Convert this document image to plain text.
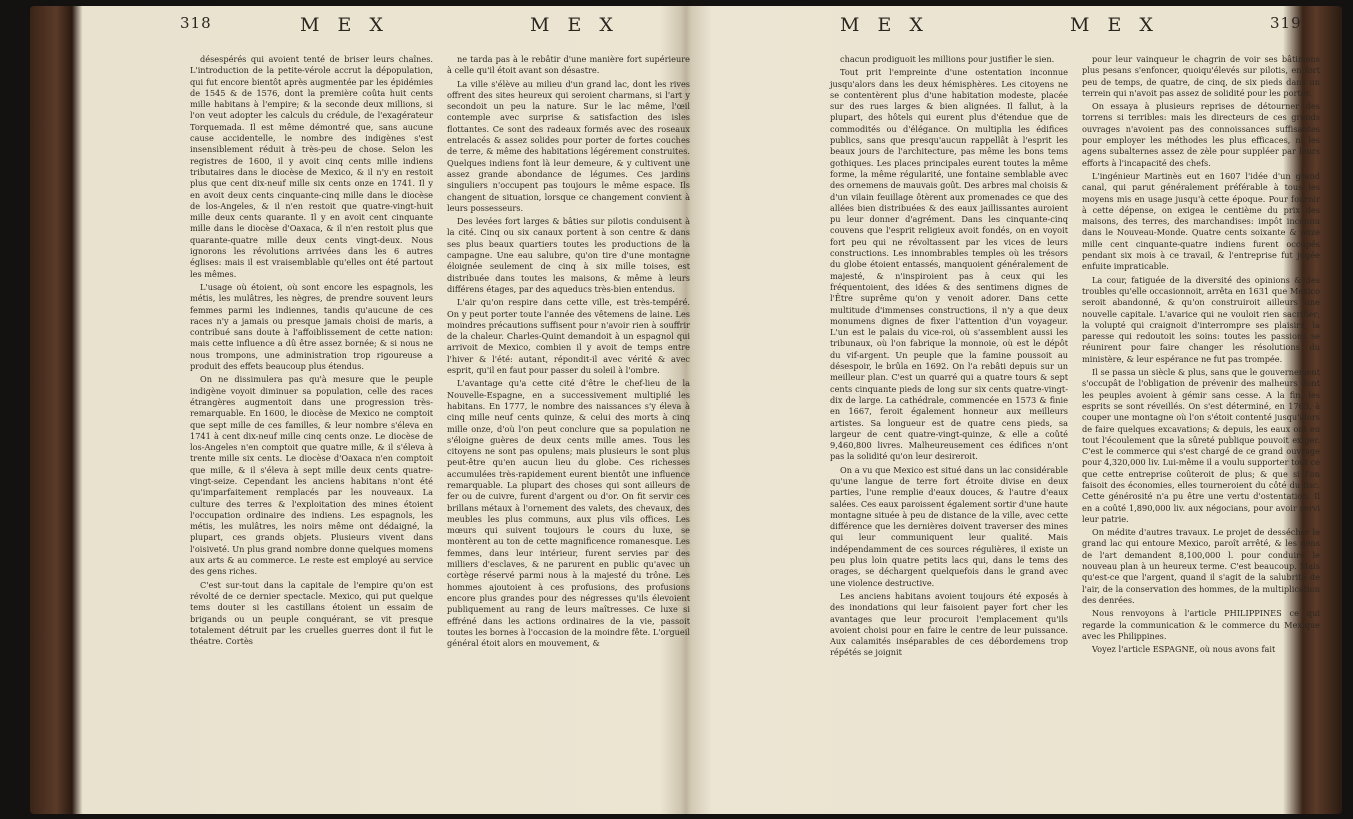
318	M E X	M E X

désespérés qui avoient tenté de briser leurs chaînes. L'introduction de la petite-vérole accrut la dépopulation, qui fut encore bientôt après augmentée par les épidémies de 1545 & de 1576, dont la première coûta huit cents mille habitans à l'empire; & la seconde deux millions, si l'on veut adopter les calculs du crédule, de l'exagérateur Torquemada. Il est même démontré que, sans aucune cause accidentelle, le nombre des indigènes s'est insensiblement réduit à très-peu de chose. Selon les registres de 1600, il y avoit cinq cents mille indiens tributaires dans le diocèse de Mexico, & il n'y en restoit plus que cent dix-neuf mille six cents onze en 1741. Il y en avoit deux cents cinquante-cinq mille dans le diocèse de los-Angeles, & il n'en restoit que quatre-vingt-huit mille deux cents quarante. Il y en avoit cent cinquante mille dans le diocèse d'Oaxaca, & il n'en restoit plus que quarante-quatre mille deux cents vingt-deux. Nous ignorons les révolutions arrivées dans les 6 autres églises: mais il est vraisemblable qu'elles ont été partout les mêmes.

L'usage où étoient, où sont encore les espagnols, les métis, les mulâtres, les nègres, de prendre souvent leurs femmes parmi les indiennes, tandis qu'aucune de ces races n'y a jamais ou presque jamais choisi de maris, a contribué sans doute à l'affoiblissement de cette nation: mais cette influence a dû être assez bornée; & si nous ne nous trompons, une administration trop rigoureuse a produit des effets beaucoup plus étendus.

On ne dissimulera pas qu'à mesure que le peuple indigène voyoit diminuer sa population, celle des races étrangères augmentoit dans une progression très-remarquable. En 1600, le diocèse de Mexico ne comptoit que sept mille de ces familles, & leur nombre s'éleva en 1741 à cent dix-neuf mille cinq cents onze. Le diocèse de los-Angeles n'en comptoit que quatre mille, & il s'éleva à trente mille six cents. Le diocèse d'Oaxaca n'en comptoit que mille, & il s'éleva à sept mille deux cents quatre-vingt-seize. Cependant les anciens habitans n'ont été qu'imparfaitement remplacés par les nouveaux. La culture des terres & l'exploitation des mines étoient l'occupation ordinaire des indiens. Les espagnols, les métis, les mulâtres, les noirs même ont dédaigné, la plupart, ces grands objets. Plusieurs vivent dans l'oisiveté. Un plus grand nombre donne quelques momens aux arts & au commerce. Le reste est employé au service des gens riches.

C'est sur-tout dans la capitale de l'empire qu'on est révolté de ce dernier spectacle. Mexico, qui put quelque tems douter si les castillans étoient un essaim de brigands ou un peuple conquérant, se vit presque totalement détruit par les cruelles guerres dont il fut le théatre. Cortès

ne tarda pas à le rebâtir d'une manière fort supérieure à celle qu'il étoit avant son désastre.

La ville s'élève au milieu d'un grand lac, dont les rives offrent des sites heureux qui seroient charmans, si l'art y secondoit un peu la nature. Sur le lac même, l'œil contemple avec surprise & satisfaction des isles flottantes. Ce sont des radeaux formés avec des roseaux entrelacés & assez solides pour porter de fortes couches de terre, & même des habitations légérement construites. Quelques indiens font là leur demeure, & y cultivent une assez grande abondance de légumes. Ces jardins singuliers n'occupent pas toujours le même espace. Ils changent de situation, lorsque ce changement convient à leurs possesseurs.

Des levées fort larges & bâties sur pilotis conduisent à la cité. Cinq ou six canaux portent à son centre & dans ses plus beaux quartiers toutes les productions de la campagne. Une eau salubre, qu'on tire d'une montagne éloignée seulement de cinq à six mille toises, est distribuée dans toutes les maisons, & même à leurs différens étages, par des aqueducs très-bien entendus.

L'air qu'on respire dans cette ville, est très-tempéré. On y peut porter toute l'année des vêtemens de laine. Les moindres précautions suffisent pour n'avoir rien à souffrir de la chaleur. Charles-Quint demandoit à un espagnol qui arrivoit de Mexico, combien il y avoit de temps entre l'hiver & l'été: autant, répondit-il avec vérité & avec esprit, qu'il en faut pour passer du soleil à l'ombre.

L'avantage qu'a cette cité d'être le chef-lieu de la Nouvelle-Espagne, en a successivement multiplié les habitans. En 1777, le nombre des naissances s'y éleva à cinq mille neuf cents quinze, & celui des morts à cinq mille onze, d'où l'on peut conclure que sa population ne s'éloigne guères de deux cents mille ames. Tous les citoyens ne sont pas opulens; mais plusieurs le sont plus peut-être qu'en aucun lieu du globe. Ces richesses accumulées très-rapidement eurent bientôt une influence remarquable. La plupart des choses qui sont ailleurs de fer ou de cuivre, furent d'argent ou d'or. On fit servir ces brillans métaux à l'ornement des valets, des chevaux, des meubles les plus communs, aux plus vils offices. Les mœurs qui suivent toujours le cours du luxe, se montèrent au ton de cette magnificence romanesque. Les femmes, dans leur intérieur, furent servies par des milliers d'esclaves, & ne parurent en public qu'avec un cortège réservé parmi nous à la majesté du trône. Les hommes ajoutoient à ces profusions, des profusions encore plus grandes pour des négresses qu'ils élevoient publiquement au rang de leurs maîtresses. Ce luxe si effréné dans les actions ordinaires de la vie, passoit toutes les bornes à l'occasion de la moindre fête. L'orgueil général étoit alors en mouvement, &

M E X	M E X	319

chacun prodiguoit les millions pour justifier le sien.

Tout prit l'empreinte d'une ostentation inconnue jusqu'alors dans les deux hémisphères. Les citoyens ne se contentèrent plus d'une habitation modeste, placée sur des rues larges & bien alignées. Il fallut, à la plupart, des hôtels qui eurent plus d'étendue que de commodités ou d'élégance. On multiplia les édifices publics, sans que presqu'aucun rappellât à l'esprit les beaux jours de l'architecture, pas même les bons tems gothiques. Les places principales eurent toutes la même forme, la même régularité, une fontaine semblable avec des ornemens de mauvais goût. Des arbres mal choisis & d'un vilain feuillage ôtèrent aux promenades ce que des allées bien distribuées & des eaux jaillissantes auroient pu leur donner d'agrément. Dans les cinquante-cinq couvens que l'esprit religieux avoit fondés, on en voyoit fort peu qui ne révoltassent par les vices de leurs constructions. Les innombrables temples où les trésors du globe étoient entassés, manquoient généralement de majesté, & n'inspiroient pas à ceux qui les fréquentoient, des idées & des sentimens dignes de l'Être suprême qu'on y venoit adorer. Dans cette multitude d'immenses constructions, il n'y a que deux monumens dignes de fixer l'attention d'un voyageur. L'un est le palais du vice-roi, où s'assemblent aussi les tribunaux, où l'on fabrique la monnoie, où est le dépôt du vif-argent. Un peuple que la famine poussoit au désespoir, le brûla en 1692. On l'a rebâti depuis sur un meilleur plan. C'est un quarré qui a quatre tours & sept cents cinquante pieds de long sur six cents quatre-vingt-dix de large. La cathédrale, commencée en 1573 & finie en 1667, feroit également honneur aux meilleurs artistes. Sa longueur est de quatre cens pieds, sa largeur de cent quatre-vingt-quinze, & elle a coûté 9,460,800 livres. Malheureusement ces édifices n'ont pas la solidité qu'on leur desireroit.

On a vu que Mexico est situé dans un lac considérable qu'une langue de terre fort étroite divise en deux parties, l'une remplie d'eaux douces, & l'autre d'eaux salées. Ces eaux paroissent également sortir d'une haute montagne située à peu de distance de la ville, avec cette différence que les dernières doivent traverser des mines qui leur communiquent leur qualité. Mais indépendamment de ces sources régulières, il existe un peu plus loin quatre petits lacs qui, dans le tems des orages, se déchargent quelquefois dans le grand avec une violence destructive.

Les anciens habitans avoient toujours été exposés à des inondations qui leur faisoient payer fort cher les avantages que leur procuroit l'emplacement qu'ils avoient choisi pour en faire le centre de leur puissance. Aux calamités inséparables de ces débordemens trop répétés se joignit

pour leur vainqueur le chagrin de voir ses bâtimens plus pesans s'enfoncer, quoiqu'élevés sur pilotis, en fort peu de temps, de quatre, de cinq, de six pieds dans un terrein qui n'avoit pas assez de solidité pour les porter.

On essaya à plusieurs reprises de détourner des torrens si terribles: mais les directeurs de ces grands ouvrages n'avoient pas des connoissances suffisantes pour employer les méthodes les plus efficaces, ni les agens subalternes assez de zèle pour suppléer par leurs efforts à l'incapacité des chefs.

L'ingénieur Martinès eut en 1607 l'idée d'un grand canal, qui parut généralement préférable à tous les moyens mis en usage jusqu'à cette époque. Pour fournir à cette dépense, on exigea le centième du prix des maisons, des terres, des marchandises: impôt inconnu dans le Nouveau-Monde. Quatre cents soixante & onze mille cent cinquante-quatre indiens furent occupés pendant six mois à ce travail, & l'entreprise fut jugée enfuite impraticable.

La cour, fatiguée de la diversité des opinions & des troubles qu'elle occasionnoit, arrêta en 1631 que Mexico seroit abandonné, & qu'on construiroit ailleurs une nouvelle capitale. L'avarice qui ne vouloit rien sacrifier; la volupté qui craignoit d'interrompre ses plaisirs; la paresse qui redoutoit les soins: toutes les passions se réunirent pour faire changer les résolutions du ministère, & leur espérance ne fut pas trompée.

Il se passa un siècle & plus, sans que le gouvernement s'occupât de l'obligation de prévenir des malheurs dont les peuples avoient à gémir sans cesse. A la fin, les esprits se sont réveillés. On s'est déterminé, en 1763, à couper une montagne où l'on s'étoit contenté jusqu'alors de faire quelques excavations; & depuis, les eaux ont eu tout l'écoulement que la sûreté publique pouvoit exiger. C'est le commerce qui s'est chargé de ce grand ouvrage pour 4,320,000 liv. Lui-même il a voulu supporter tout ce que cette entreprise coûteroit de plus; & que si l'on faisoit des économies, elles tourneroient du côté du fisc. Cette générosité n'a pu être une vertu d'ostentation. Il en a coûté 1,890,000 liv. aux négocians, pour avoir servi leur patrie.

On médite d'autres travaux. Le projet de dessécher le grand lac qui entoure Mexico, paroît arrêté, & les gens de l'art demandent 8,100,000 l. pour conduire le nouveau plan à un heureux terme. C'est beaucoup. Mais qu'est-ce que l'argent, quand il s'agit de la salubrité de l'air, de la conservation des hommes, de la multiplication des denrées.

Nous renvoyons à l'article PHILIPPINES ce qui regarde la communication & le commerce du Mexique avec les Philippines.

Voyez l'article ESPAGNE, où nous avons fait
